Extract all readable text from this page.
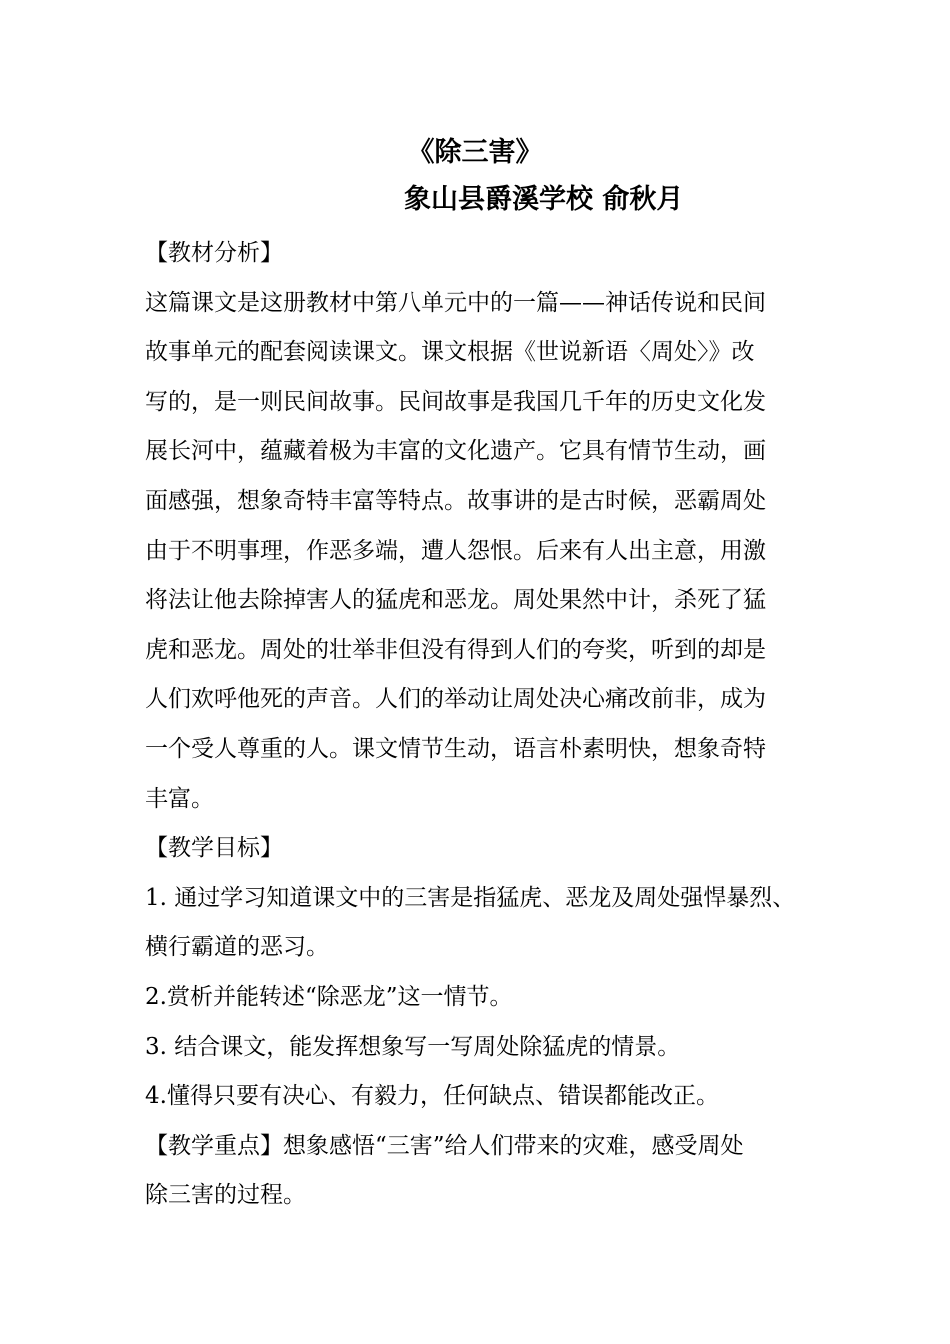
《除三害》
象山县爵溪学校 俞秋月
【教材分析】
这篇课文是这册教材中第八单元中的一篇——神话传说和民间
故事单元的配套阅读课文。课文根据《世说新语〈周处〉》改
写的，是一则民间故事。民间故事是我国几千年的历史文化发
展长河中，蕴藏着极为丰富的文化遗产。它具有情节生动，画
面感强，想象奇特丰富等特点。故事讲的是古时候，恶霸周处
由于不明事理，作恶多端，遭人怨恨。后来有人出主意，用激
将法让他去除掉害人的猛虎和恶龙。周处果然中计，杀死了猛
虎和恶龙。周处的壮举非但没有得到人们的夸奖，听到的却是
人们欢呼他死的声音。人们的举动让周处决心痛改前非，成为
一个受人尊重的人。课文情节生动，语言朴素明快，想象奇特
丰富。
【教学目标】
1. 通过学习知道课文中的三害是指猛虎、恶龙及周处强悍暴烈、
横行霸道的恶习。
2.赏析并能转述“除恶龙”这一情节。
3. 结合课文，能发挥想象写一写周处除猛虎的情景。
4.懂得只要有决心、有毅力，任何缺点、错误都能改正。
【教学重点】想象感悟“三害”给人们带来的灾难，感受周处
除三害的过程。
